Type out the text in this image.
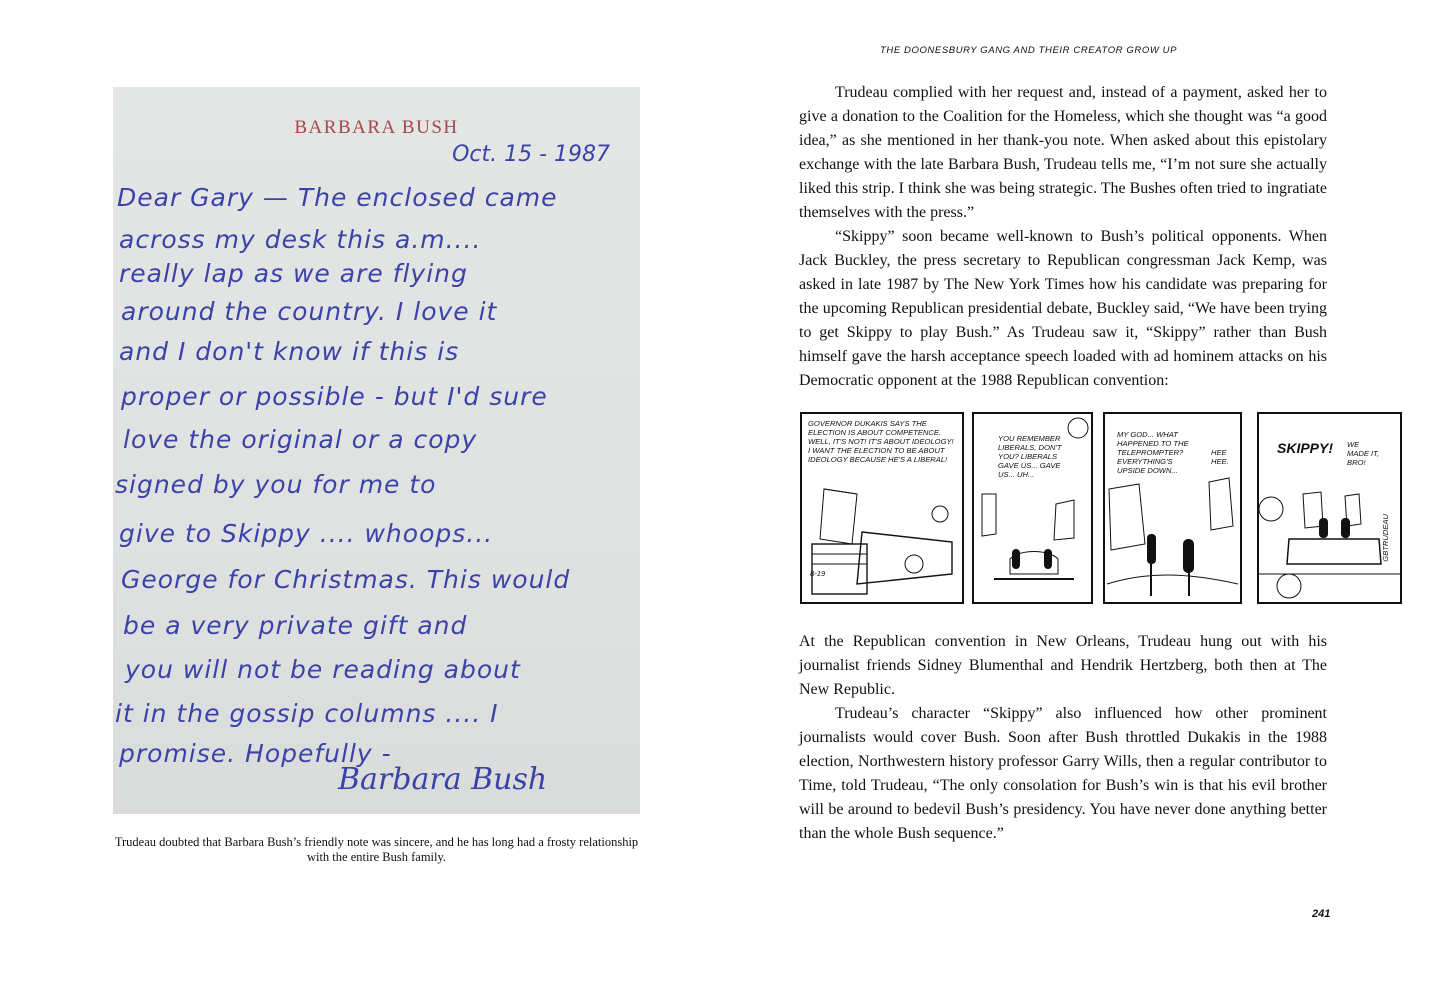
BARBARA BUSH
Oct. 15 - 1987
Dear Gary — The enclosed came
across my desk this a.m....
really lap as we are flying
around the country. I love it
and I don't know if this is
proper or possible - but I'd sure
love the original or a copy
signed by you for me to
give to Skippy .... whoops...
George for Christmas. This would
be a very private gift and
you will not be reading about
it in the gossip columns .... I
promise. Hopefully -
Barbara Bush
Trudeau doubted that Barbara Bush’s friendly note was sincere, and he has long had a frosty relationship with the entire Bush family.
THE DOONESBURY GANG AND THEIR CREATOR GROW UP

Trudeau complied with her request and, instead of a payment, asked her to give a donation to the Coalition for the Homeless, which she thought was “a good idea,” as she mentioned in her thank-you note. When asked about this epistolary exchange with the late Barbara Bush, Trudeau tells me, “I’m not sure she actually liked this strip. I think she was being strategic. The Bushes often tried to ingratiate themselves with the press.”

“Skippy” soon became well-known to Bush’s political opponents. When Jack Buckley, the press secretary to Republican congressman Jack Kemp, was asked in late 1987 by The New York Times how his candidate was preparing for the upcoming Republican presidential debate, Buckley said, “We have been trying to get Skippy to play Bush.” As Trudeau saw it, “Skippy” rather than Bush himself gave the harsh acceptance speech loaded with ad hominem attacks on his Democratic opponent at the 1988 Republican convention:

GOVERNOR DUKAKIS SAYS THE ELECTION IS ABOUT COMPETENCE. WELL, IT'S NOT! IT'S ABOUT IDEOLOGY! I WANT THE ELECTION TO BE ABOUT IDEOLOGY BECAUSE HE'S A LIBERAL!
8-19
YOU REMEMBER LIBERALS, DON'T YOU? LIBERALS GAVE US... GAVE US... UH...
MY GOD... WHAT HAPPENED TO THE TELEPROMPTER? EVERYTHING'S UPSIDE DOWN...
HEE HEE.
SKIPPY! WE MADE IT, BRO!
GBTRUDEAU

At the Republican convention in New Orleans, Trudeau hung out with his journalist friends Sidney Blumenthal and Hendrik Hertzberg, both then at The New Republic.

Trudeau’s character “Skippy” also influenced how other prominent journalists would cover Bush. Soon after Bush throttled Dukakis in the 1988 election, Northwestern history professor Garry Wills, then a regular contributor to Time, told Trudeau, “The only consolation for Bush’s win is that his evil brother will be around to bedevil Bush’s presidency. You have never done anything better than the whole Bush sequence.”

241
